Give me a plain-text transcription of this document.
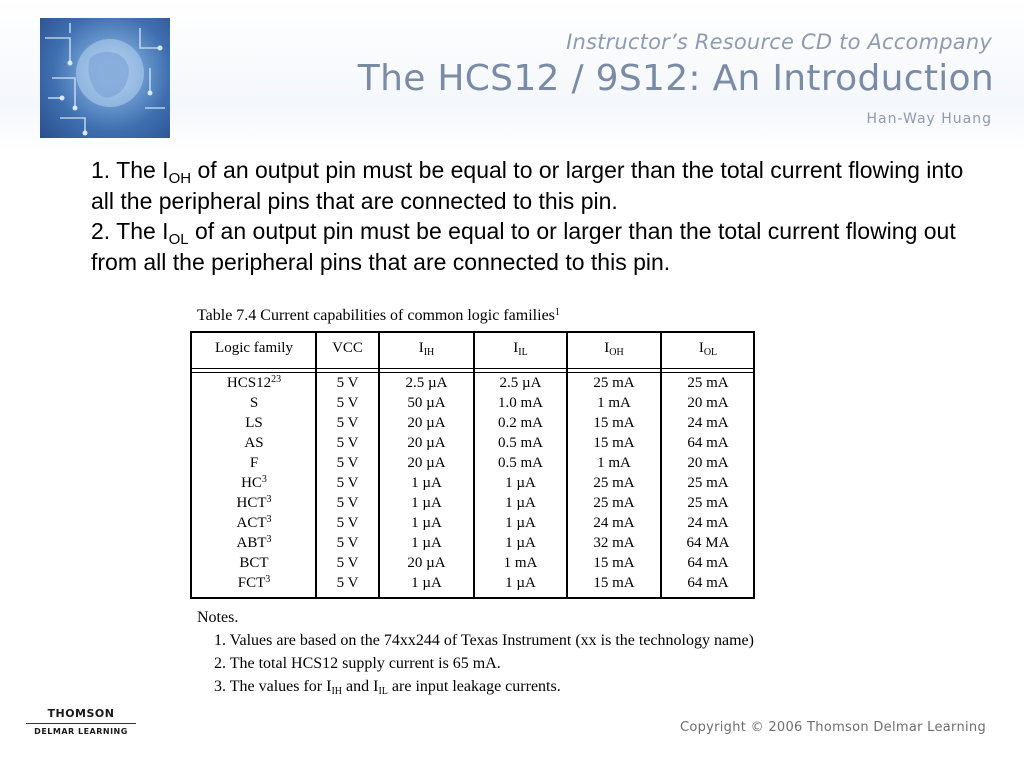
Instructor’s Resource CD to Accompany
The HCS12 / 9S12: An Introduction
Han-Way Huang

1. The $I_{OH}$ of an output pin must be equal to or larger than the total current flowing into all the peripheral pins that are connected to this pin.

2. The $I_{OL}$ of an output pin must be equal to or larger than the total current flowing out from all the peripheral pins that are connected to this pin.

Table 7.4 Current capabilities of common logic families$^1$
Logic family
$HCS12^{23}$
S
LS
AS
F
$HC^3$
HCT$^3$
ACT$^3$
ABT$^3$
BCT
FCT$^3$
VCC
5 V
5 V
5 V
5 V
5 V
5 V
5 V
5 V
5 V
5 V
5 V
$I_{IH}$
2.5 µA
50 µA
20 µA
20 µA
20 µA
1 µA
1 µA
1 µA
1 µA
20 µA
1 µA
$I_{IL}$
2.5 µA
1.0 mA
0.2 mA
0.5 mA
0.5 mA
1 µA
1 µA
1 µA
1 µA
1 mA
1 µA
$I_{OH}$
25 mA
1 mA
15 mA
15 mA
1 mA
25 mA
25 mA
24 mA
32 mA
15 mA
15 mA
$I_{OL}$
25 mA
20 mA
24 mA
64 mA
20 mA
25 mA
25 mA
24 mA
64 MA
64 mA
64 mA
Notes.
1. Values are based on the 74xx244 of Texas Instrument (xx is the technology name)
2. The total HCS12 supply current is 65 mA.
3. The values for $I_{IH}$ and $I_{IL}$ are input leakage currents.
THOMSON
DELMAR LEARNING	Copyright © 2006 Thomson Delmar Learning
